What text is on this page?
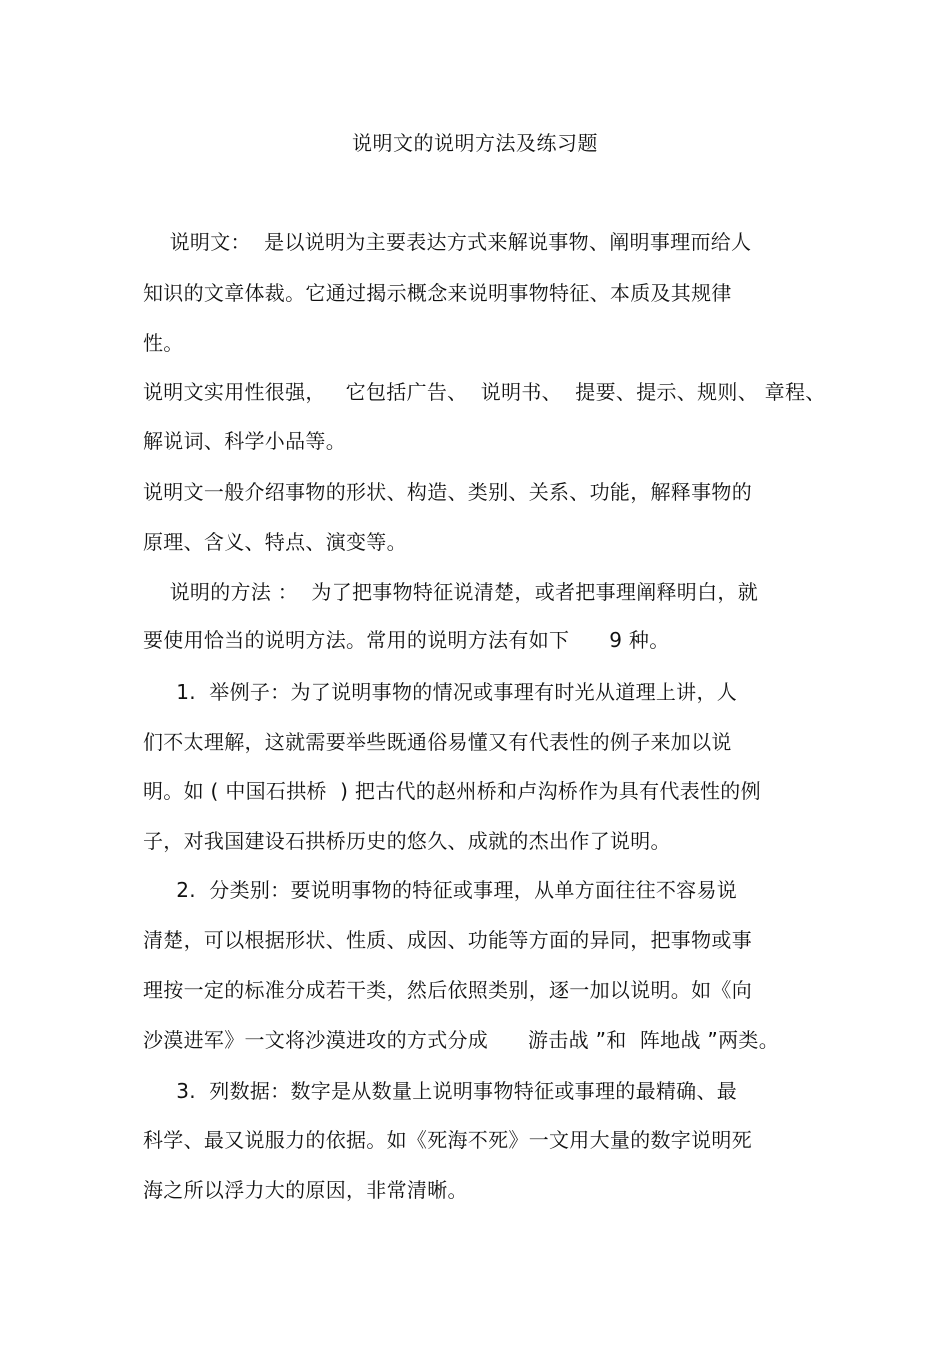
说明文的说明方法及练习题
说明文：  是以说明为主要表达方式来解说事物、阐明事理而给人
知识的文章体裁。它通过揭示概念来说明事物特征、本质及其规律
性。
说明文实用性很强，   它包括广告、  说明书、  提要、提示、规则、 章程、
解说词、科学小品等。
说明文一般介绍事物的形状、构造、类别、关系、功能，解释事物的
原理、含义、特点、演变等。
说明的方法 ：  为了把事物特征说清楚，或者把事理阐释明白，就
要使用恰当的说明方法。常用的说明方法有如下      9 种。
1.  举例子：为了说明事物的情况或事理有时光从道理上讲，人
们不太理解，这就需要举些既通俗易懂又有代表性的例子来加以说
明。如 ( 中国石拱桥  ) 把古代的赵州桥和卢沟桥作为具有代表性的例
子，对我国建设石拱桥历史的悠久、成就的杰出作了说明。
2.  分类别：要说明事物的特征或事理，从单方面往往不容易说
清楚，可以根据形状、性质、成因、功能等方面的异同，把事物或事
理按一定的标准分成若干类，然后依照类别，逐一加以说明。如《向
沙漠进军》一文将沙漠进攻的方式分成      游击战 ”和  阵地战 ”两类。
3.  列数据：数字是从数量上说明事物特征或事理的最精确、最
科学、最又说服力的依据。如《死海不死》一文用大量的数字说明死
海之所以浮力大的原因，非常清晰。
